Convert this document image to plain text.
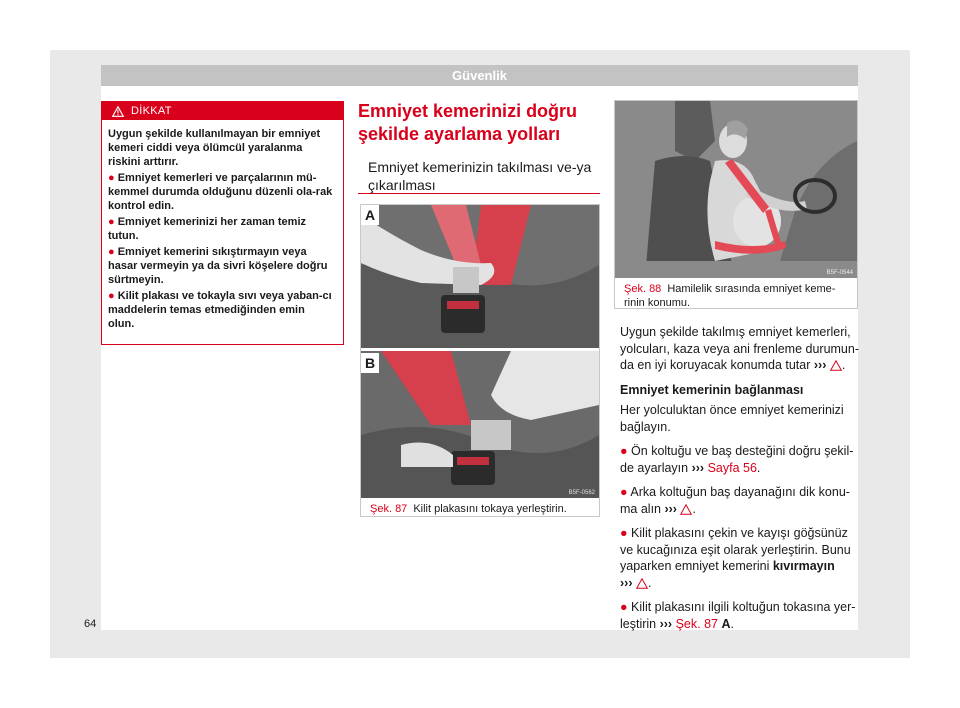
Güvenlik
DİKKAT

Uygun şekilde kullanılmayan bir emniyet kemeri ciddi veya ölümcül yaralanma riskini arttırır.

● Emniyet kemerleri ve parçalarının mü-kemmel durumda olduğunu düzenli ola-rak kontrol edin.

● Emniyet kemerinizi her zaman temiz tutun.

● Emniyet kemerini sıkıştırmayın veya hasar vermeyin ya da sivri köşelere doğru sürtmeyin.

● Kilit plakası ve tokayla sıvı veya yaban-cı maddelerin temas etmediğinden emin olun.

Emniyet kemerinizi doğru şekilde ayarlama yolları
Emniyet kemerinizin takılması ve-ya çıkarılması
A
B
B5F-0562
Şek. 87 Kilit plakasını tokaya yerleştirin.
B5F-0544
Şek. 88 Hamilelik sırasında emniyet keme-rinin konumu.

Uygun şekilde takılmış emniyet kemerleri, yolcuları, kaza veya ani frenleme durumun-da en iyi koruyacak konumda tutar ››› .

Emniyet kemerinin bağlanması

Her yolculuktan önce emniyet kemerinizi bağlayın.

● Ön koltuğu ve baş desteğini doğru şekil-de ayarlayın ››› Sayfa 56.

● Arka koltuğun baş dayanağını dik konu-ma alın ››› .

● Kilit plakasını çekin ve kayışı göğsünüz ve kucağınıza eşit olarak yerleştirin. Bunu yaparken emniyet kemerini kıvırmayın
››› .

● Kilit plakasını ilgili koltuğun tokasına yer-leştirin ››› Şek. 87 A.

64
